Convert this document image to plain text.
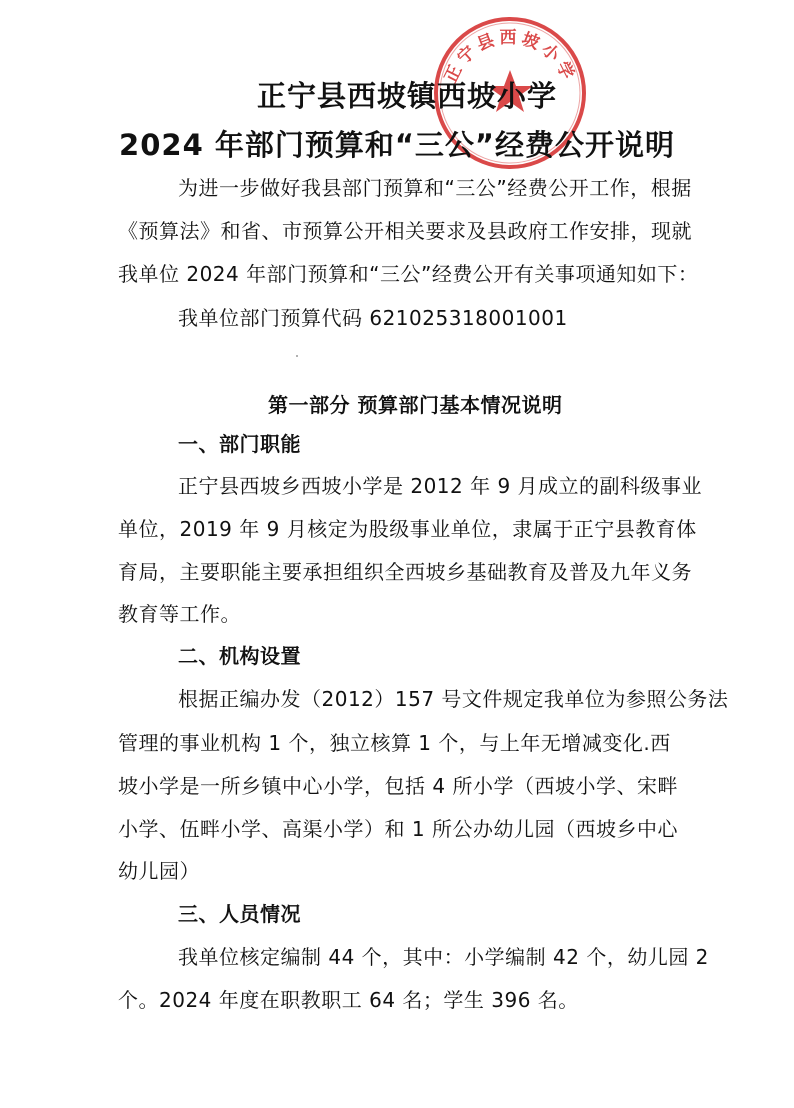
正宁县西坡小学
正宁县西坡镇西坡小学
2024 年部门预算和“三公”经费公开说明
为进一步做好我县部门预算和“三公”经费公开工作，根据
《预算法》和省、市预算公开相关要求及县政府工作安排，现就
我单位 2024 年部门预算和“三公”经费公开有关事项通知如下：
我单位部门预算代码 621025318001001
第一部分 预算部门基本情况说明
一、部门职能
正宁县西坡乡西坡小学是 2012 年 9 月成立的副科级事业
单位，2019 年 9 月核定为股级事业单位，隶属于正宁县教育体
育局，主要职能主要承担组织全西坡乡基础教育及普及九年义务
教育等工作。
二、机构设置
根据正编办发（2012）157 号文件规定我单位为参照公务法
管理的事业机构 1 个，独立核算 1 个，与上年无增减变化.西
坡小学是一所乡镇中心小学，包括 4 所小学（西坡小学、宋畔
小学、伍畔小学、高渠小学）和 1 所公办幼儿园（西坡乡中心
幼儿园）
三、人员情况
我单位核定编制 44 个，其中：小学编制 42 个，幼儿园 2
个。2024 年度在职教职工 64 名；学生 396 名。
